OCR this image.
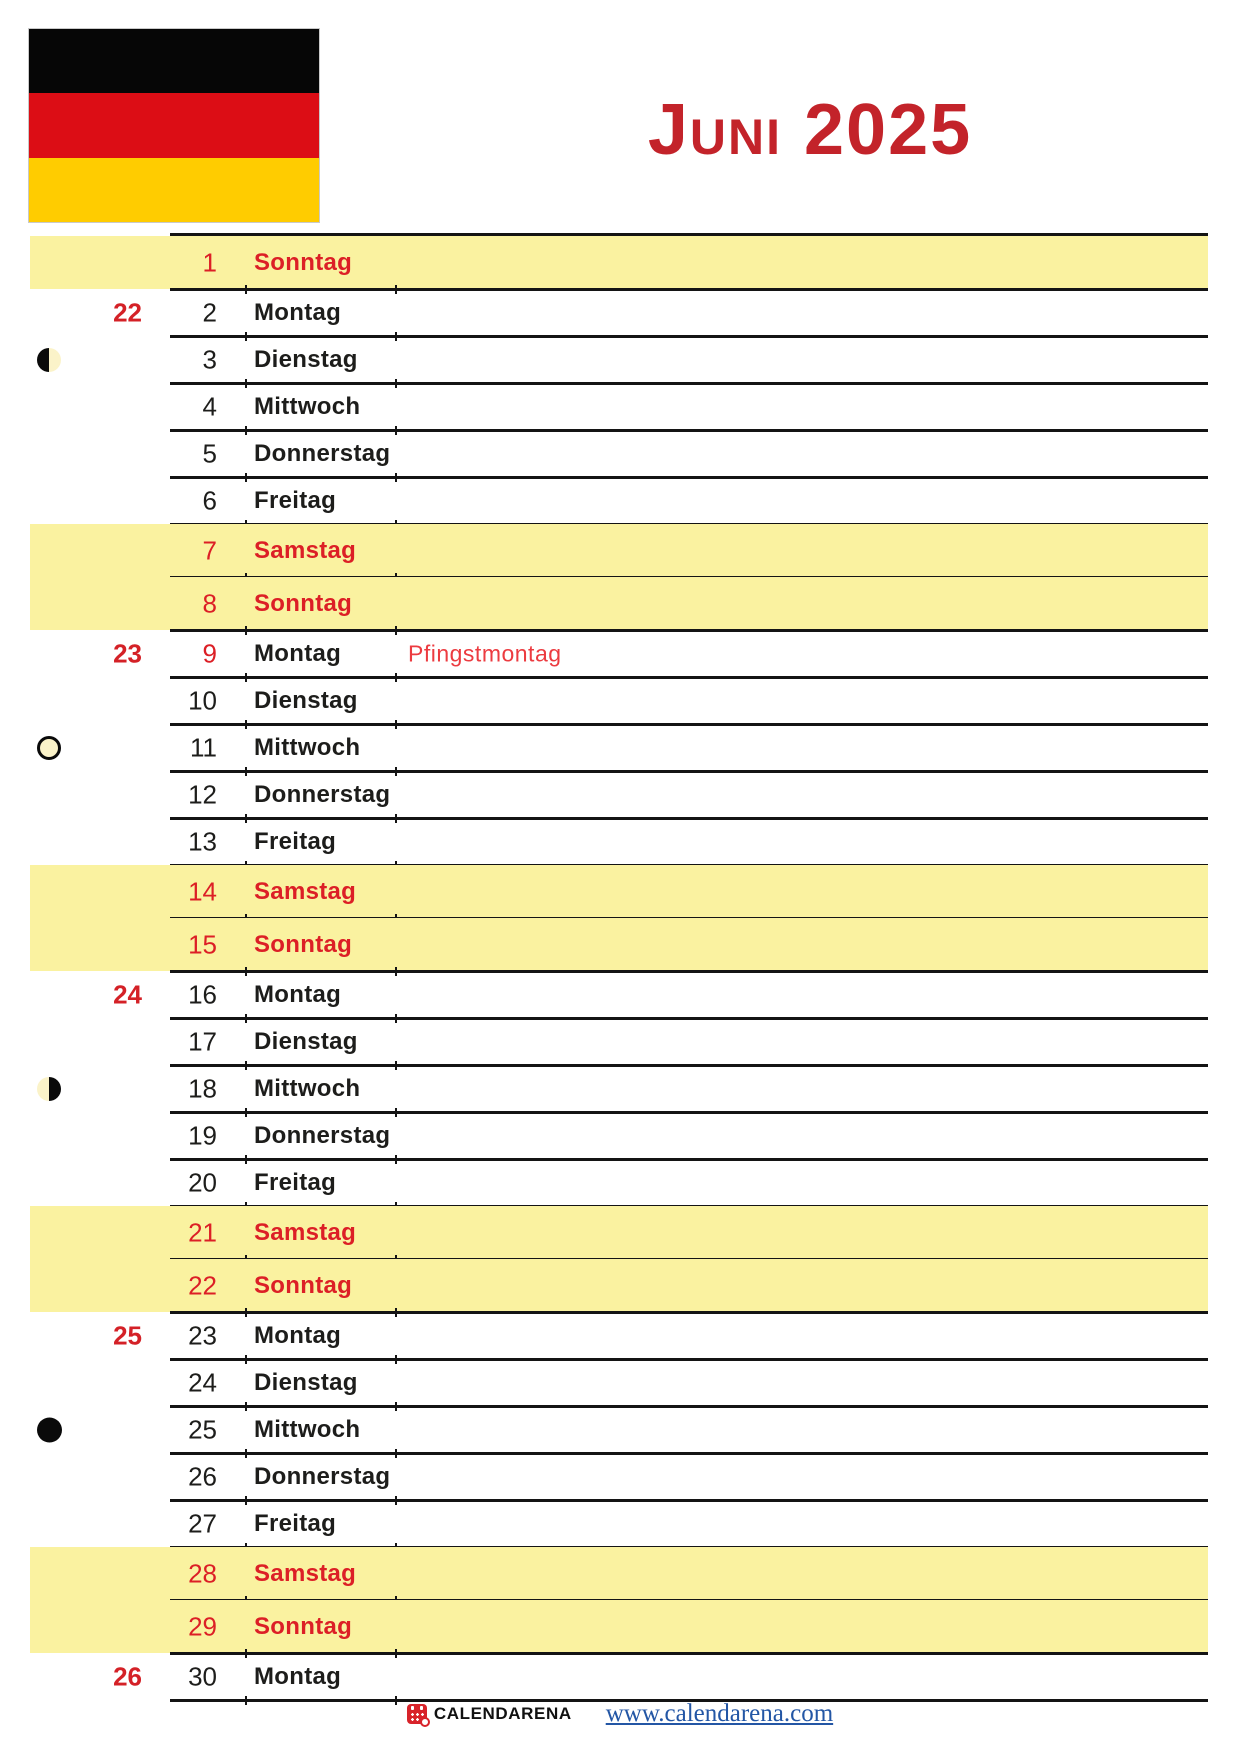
Juni 2025
1 Sonntag
22	2 Montag
3 Dienstag
4 Mittwoch
5 Donnerstag
6 Freitag
7 Samstag
8 Sonntag
23	9 Montag	Pfingstmontag
10 Dienstag
11 Mittwoch
12 Donnerstag
13 Freitag
14 Samstag
15 Sonntag
24	16 Montag
17 Dienstag
18 Mittwoch
19 Donnerstag
20 Freitag
21 Samstag
22 Sonntag
25	23 Montag
24 Dienstag
25 Mittwoch
26 Donnerstag
27 Freitag
28 Samstag
29 Sonntag
26	30 Montag
CALENDARENA www.calendarena.com
